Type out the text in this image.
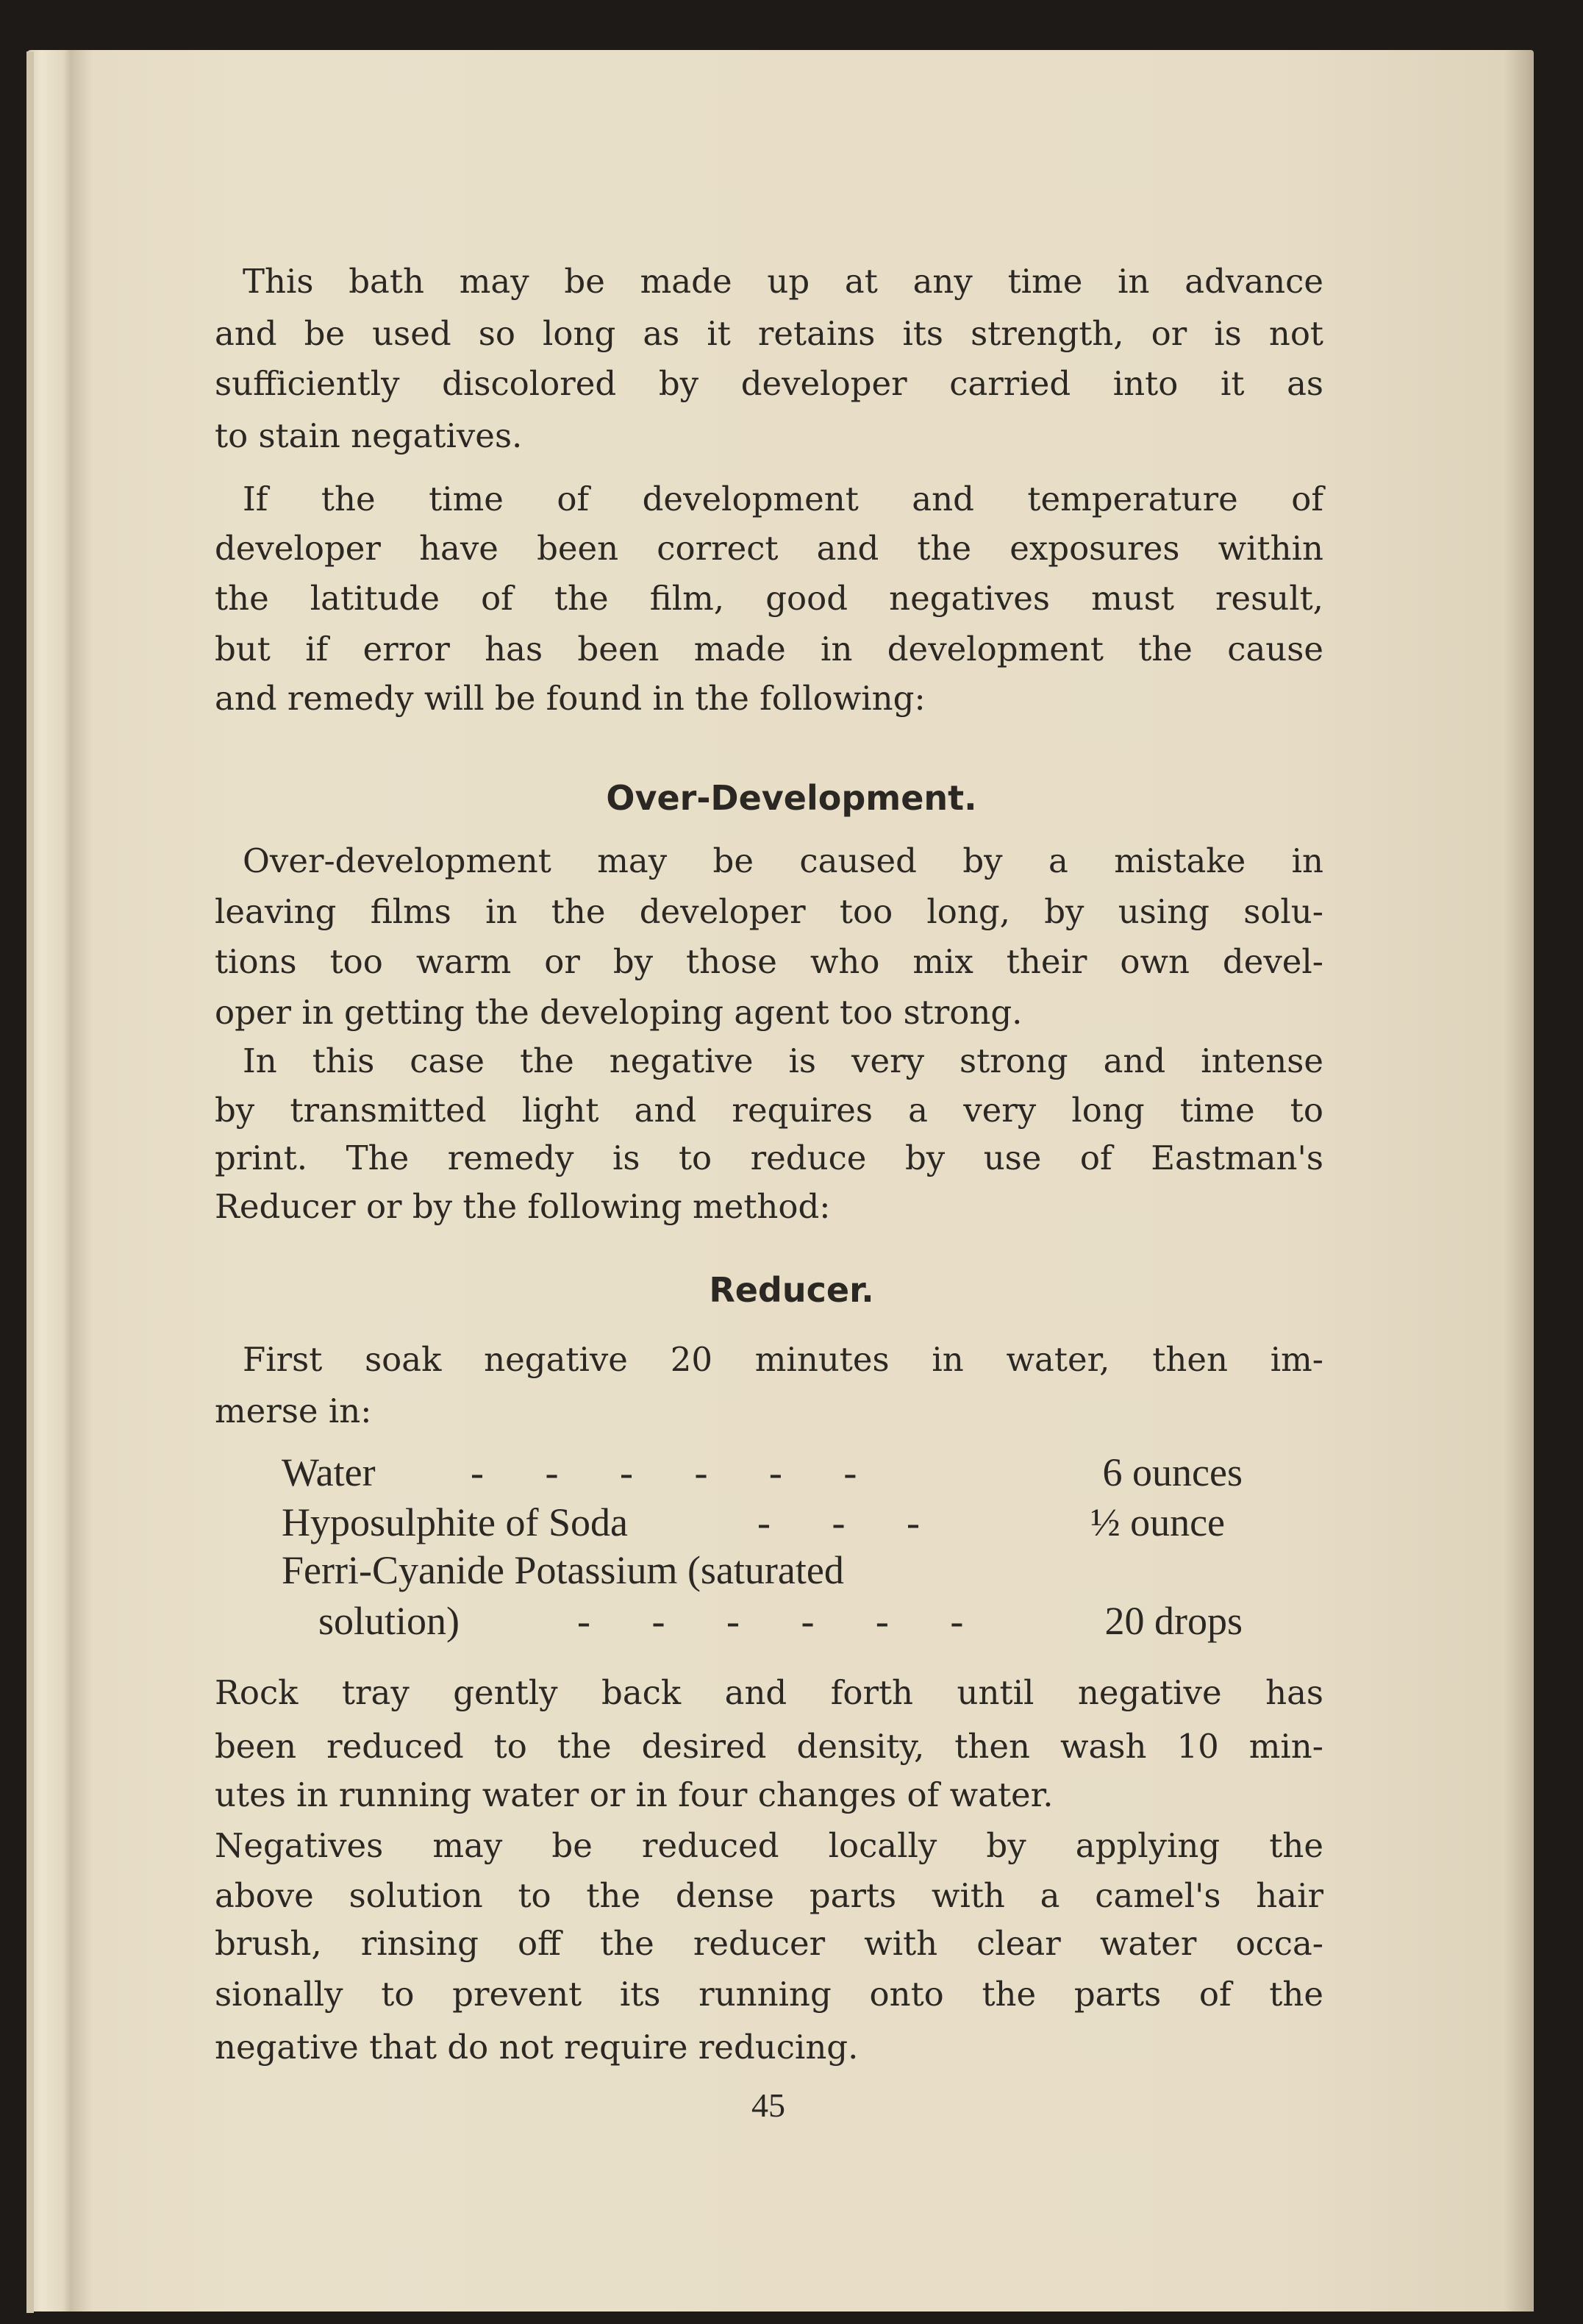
This bath may be made up at any time in advance
and be used so long as it retains its strength, or is not
sufficiently discolored by developer carried into it as
to stain negatives.
If the time of development and temperature of
developer have been correct and the exposures within
the latitude of the film, good negatives must result,
but if error has been made in development the cause
and remedy will be found in the following:
Over-Development.
Over-development may be caused by a mistake in
leaving films in the developer too long, by using solu-
tions too warm or by those who mix their own devel-
oper in getting the developing agent too strong.
In this case the negative is very strong and intense
by transmitted light and requires a very long time to
print. The remedy is to reduce by use of Eastman's
Reducer or by the following method:
Reducer.
First soak negative 20 minutes in water, then im-
merse in:
Water - - - - - -	6 ounces
Hyposulphite of Soda	- - -	½ ounce
Ferri-Cyanide Potassium (saturated
solution)	- - - - - -	20 drops
Rock tray gently back and forth until negative has
been reduced to the desired density, then wash 10 min-
utes in running water or in four changes of water.
Negatives may be reduced locally by applying the
above solution to the dense parts with a camel's hair
brush, rinsing off the reducer with clear water occa-
sionally to prevent its running onto the parts of the
negative that do not require reducing.
45
